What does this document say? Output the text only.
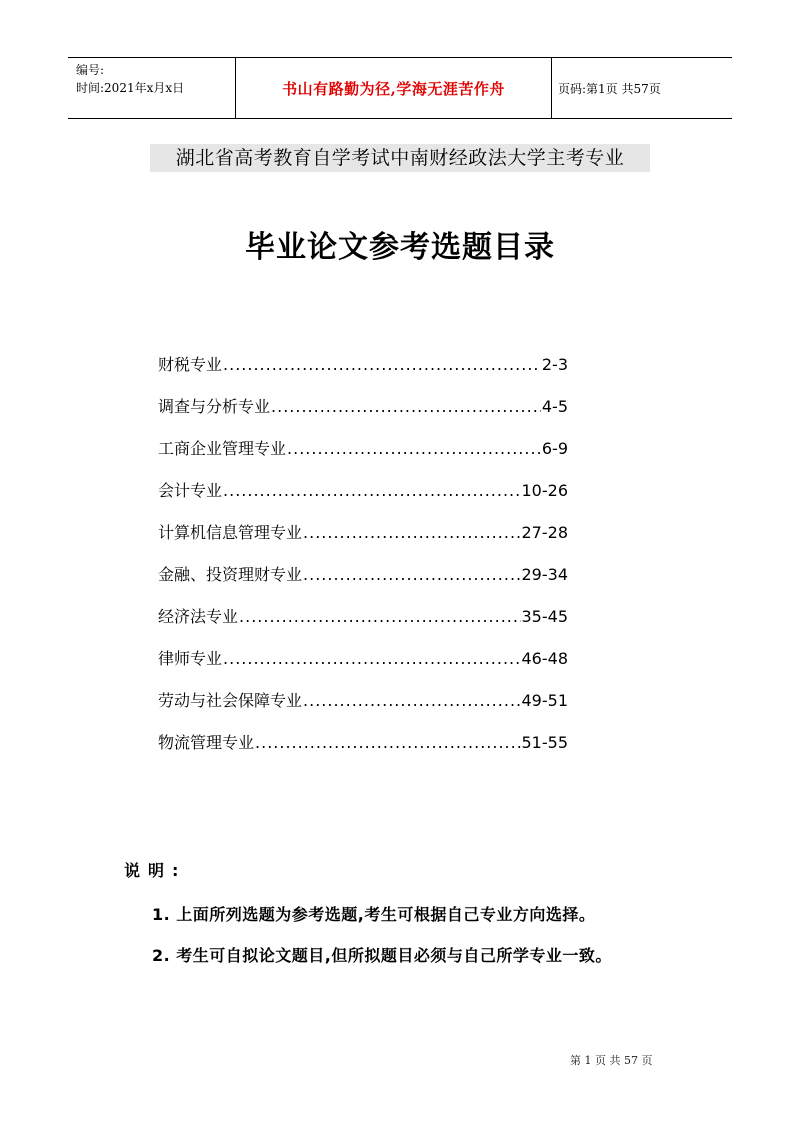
编号:
时间:2021年x月x日	书山有路勤为径,学海无涯苦作舟	页码:第1页 共57页
湖北省高考教育自学考试中南财经政法大学主考专业
毕业论文参考选题目录
财税专业 .....	2-3
调查与分析专业 .....	4-5
工商企业管理专业 .....	6-9
会计专业 .....	10-26
计算机信息管理专业 .....	27-28
金融、投资理财专业 .....	29-34
经济法专业 .....	35-45
律师专业 .....	46-48
劳动与社会保障专业 .....	49-51
物流管理专业 .....	51-55
说明:
1. 上面所列选题为参考选题,考生可根据自己专业方向选择。
2. 考生可自拟论文题目,但所拟题目必须与自己所学专业一致。
第 1 页 共 57 页
